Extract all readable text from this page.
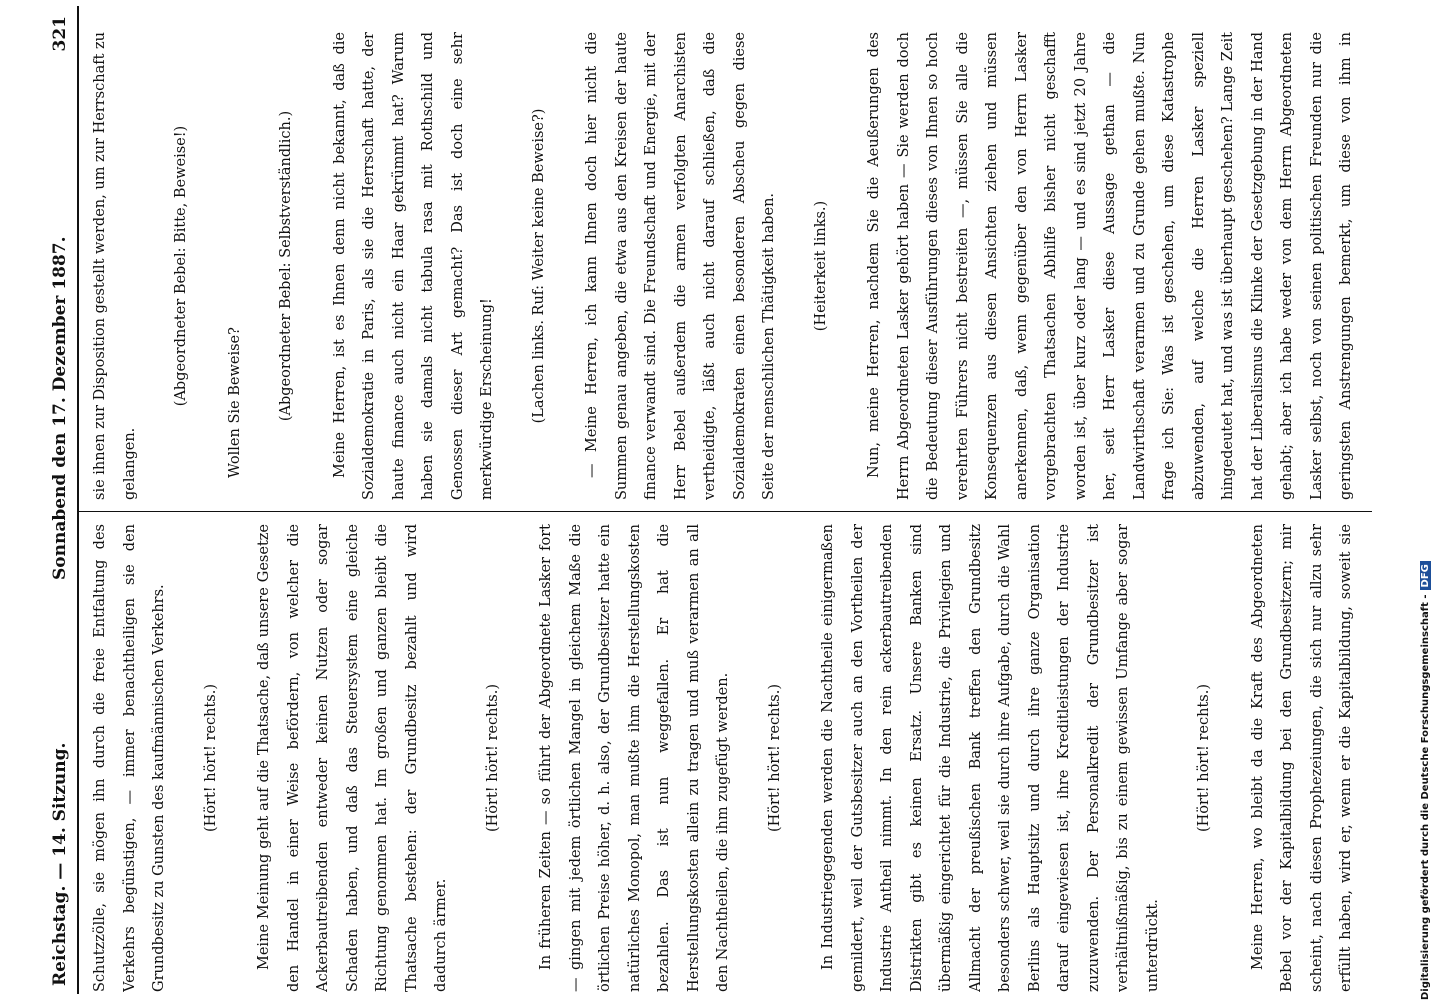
Reichstag. — 14. Sitzung.
Sonnabend den 17. Dezember 1887.
321

Schutzzölle, sie mögen ihn durch die freie Entfaltung des Verkehrs begünstigen, — immer benachtheiligen sie den Grundbesitz zu Gunsten des kaufmännischen Verkehrs.	(Hört! hört! rechts.)	Meine Meinung geht auf die Thatsache, daß unsere Gesetze den Handel in einer Weise befördern, von welcher die Ackerbautreibenden entweder keinen Nutzen oder sogar Schaden haben, und daß das Steuersystem eine gleiche Richtung genommen hat. Im großen und ganzen bleibt die Thatsache bestehen: der Grundbesitz bezahlt und wird dadurch ärmer.

(Hört! hört! rechts.)	In früheren Zeiten — so führt der Abgeordnete Lasker fort — gingen mit jedem örtlichen Mangel in gleichem Maße die örtlichen Preise höher, d. h. also, der Grundbesitzer hatte ein natürliches Monopol, man mußte ihm die Herstellungskosten bezahlen. Das ist nun weggefallen. Er hat die Herstellungskosten allein zu tragen und muß verarmen an all den Nachtheilen, die ihm zugefügt werden.	(Hört! hört! rechts.)	In Industriegegenden werden die Nachtheile einigermaßen gemildert, weil der Gutsbesitzer auch an den Vortheilen der Industrie Antheil nimmt. In den rein ackerbautreibenden Distrikten gibt es keinen Ersatz. Unsere Banken sind übermäßig eingerichtet für die Industrie, die Privilegien und Allmacht der preußischen Bank treffen den Grundbesitz besonders schwer, weil sie durch ihre Aufgabe, durch die Wahl Berlins als Hauptsitz und durch ihre ganze Organisation darauf eingewiesen ist, ihre Kreditleistungen der Industrie zuzuwenden. Der Personalkredit der Grundbesitzer ist verhältnißmäßig, bis zu einem gewissen Umfange aber sogar unterdrückt.

(Hört! hört! rechts.)

Meine Herren, wo bleibt da die Kraft des Abgeordneten Bebel vor der Kapitalbildung bei den Grundbesitzern; mir scheint, nach diesen Prophezeiungen, die sich nur allzu sehr erfüllt haben, wird er, wenn er die Kapitalbildung, soweit sie

sie ihnen zur Disposition gestellt werden, um zur Herrschaft zu gelangen.

(Abgeordneter Bebel: Bitte, Beweise!)	Wollen Sie Beweise?	(Abgeordneter Bebel: Selbstverständlich.)	Meine Herren, ist es Ihnen denn nicht bekannt, daß die Sozialdemokratie in Paris, als sie die Herrschaft hatte, der haute finance auch nicht ein Haar gekrümmt hat? Warum haben sie damals nicht tabula rasa mit Rothschild und Genossen dieser Art gemacht? Das ist doch eine sehr merkwürdige Erscheinung!	(Lachen links. Ruf: Weiter keine Beweise?)	— Meine Herren, ich kann Ihnen doch hier nicht die Summen genau angeben, die etwa aus den Kreisen der haute finance verwandt sind. Die Freundschaft und Energie, mit der Herr Bebel außerdem die armen verfolgten Anarchisten vertheidigte, läßt auch nicht darauf schließen, daß die Sozialdemokraten einen besonderen Abscheu gegen diese Seite der menschlichen Thätigkeit haben.	(Heiterkeit links.)

Nun, meine Herren, nachdem Sie die Aeußerungen des Herrn Abgeordneten Lasker gehört haben — Sie werden doch die Bedeutung dieser Ausführungen dieses von Ihnen so hoch verehrten Führers nicht bestreiten —, müssen Sie alle die Konsequenzen aus diesen Ansichten ziehen und müssen anerkennen, daß, wenn gegenüber den von Herrn Lasker vorgebrachten Thatsachen Abhilfe bisher nicht geschafft worden ist, über kurz oder lang — und es sind jetzt 20 Jahre her, seit Herr Lasker diese Aussage gethan — die Landwirthschaft verarmen und zu Grunde gehen mußte. Nun frage ich Sie: Was ist geschehen, um diese Katastrophe abzuwenden, auf welche die Herren Lasker speziell hingedeutet hat, und was ist überhaupt geschehen? Lange Zeit hat der Liberalismus die Klinke der Gesetzgebung in der Hand gehabt; aber ich habe weder von dem Herrn Abgeordneten Lasker selbst, noch von seinen politischen Freunden nur die geringsten Anstrengungen bemerkt, um diese von ihm in

Digitalisierung gefördert durch die Deutsche Forschungsgemeinschaft -DFG
